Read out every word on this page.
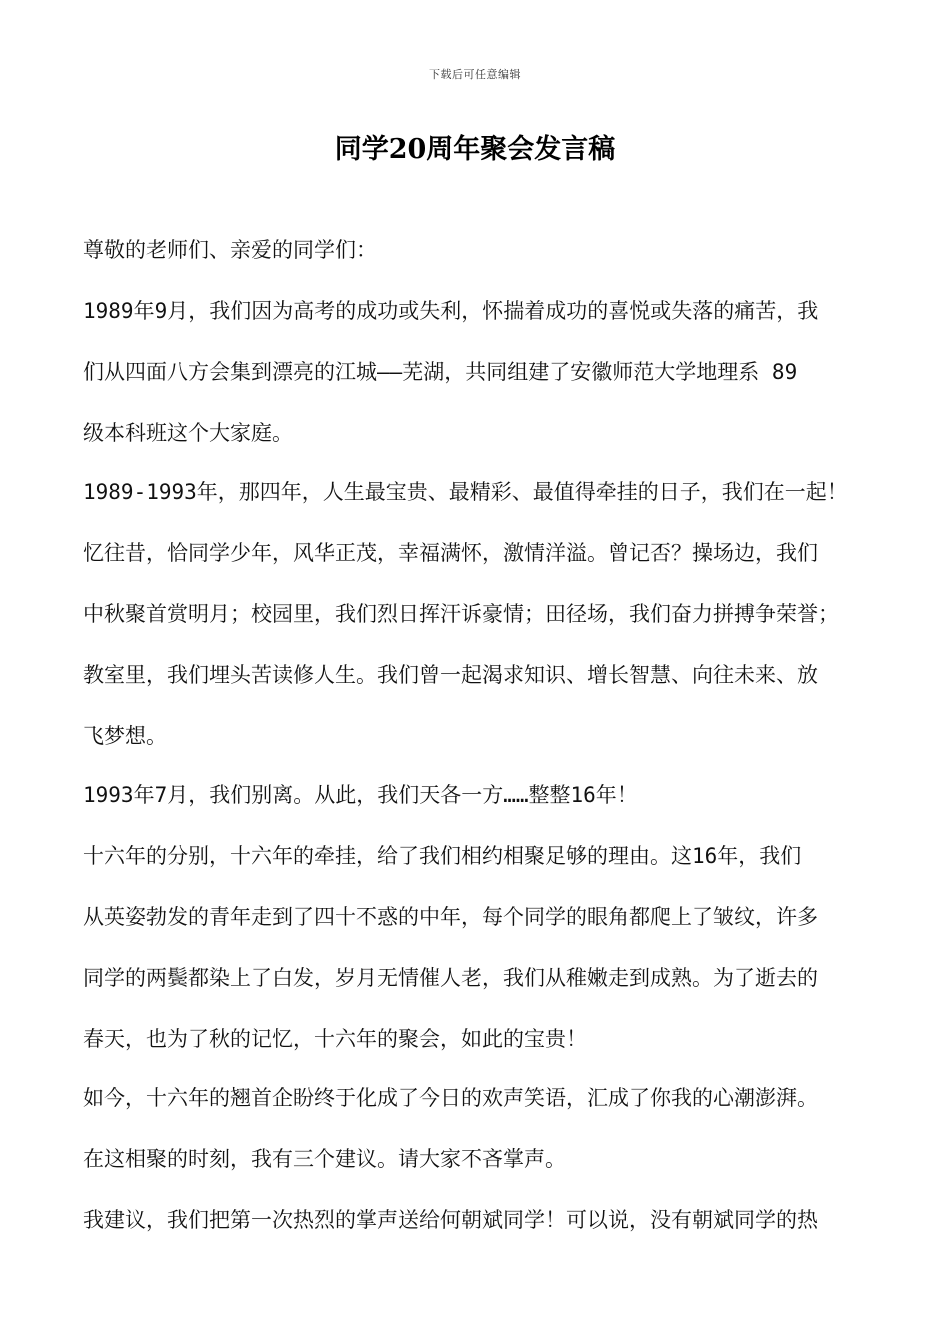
下载后可任意编辑
同学20周年聚会发言稿
尊敬的老师们、亲爱的同学们：
1989年9月，我们因为高考的成功或失利，怀揣着成功的喜悦或失落的痛苦，我
们从四面八方会集到漂亮的江城——芜湖，共同组建了安徽师范大学地理系 89
级本科班这个大家庭。
1989-1993年，那四年，人生最宝贵、最精彩、最值得牵挂的日子，我们在一起！
忆往昔，恰同学少年，风华正茂，幸福满怀，激情洋溢。曾记否？操场边，我们
中秋聚首赏明月；校园里，我们烈日挥汗诉豪情；田径场，我们奋力拼搏争荣誉；
教室里，我们埋头苦读修人生。我们曾一起渴求知识、增长智慧、向往未来、放
飞梦想。
1993年7月，我们别离。从此，我们天各一方……整整16年！
十六年的分别，十六年的牵挂，给了我们相约相聚足够的理由。这16年，我们
从英姿勃发的青年走到了四十不惑的中年，每个同学的眼角都爬上了皱纹，许多
同学的两鬓都染上了白发，岁月无情催人老，我们从稚嫩走到成熟。为了逝去的
春天，也为了秋的记忆，十六年的聚会，如此的宝贵！
如今，十六年的翘首企盼终于化成了今日的欢声笑语，汇成了你我的心潮澎湃。
在这相聚的时刻，我有三个建议。请大家不吝掌声。
我建议，我们把第一次热烈的掌声送给何朝斌同学！可以说，没有朝斌同学的热
